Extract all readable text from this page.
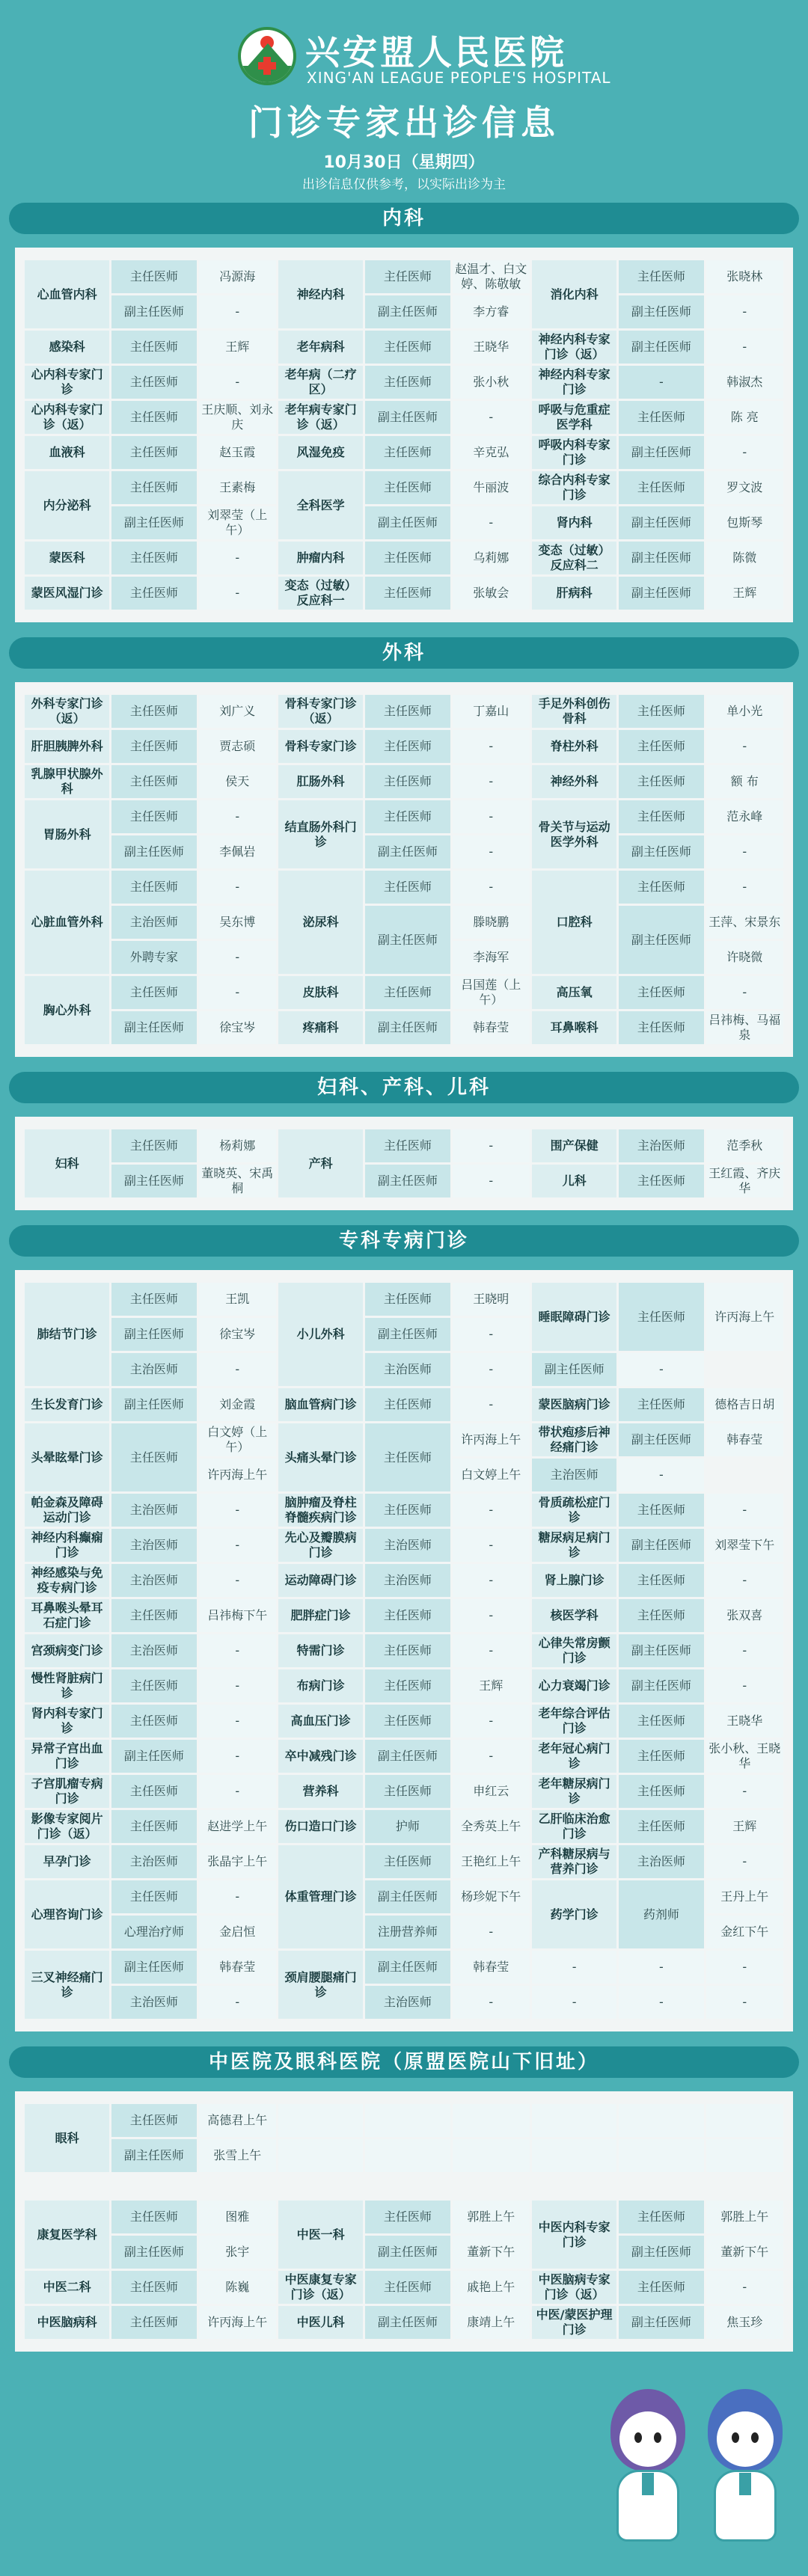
兴安盟人民医院
XING'AN LEAGUE PEOPLE'S HOSPITAL
门诊专家出诊信息
10月30日（星期四）
出诊信息仅供参考，以实际出诊为主
内科
心血管内科	主任医师	冯源海	神经内科	主任医师	赵温才、白文婷、陈敬敏	消化内科	主任医师	张晓林
	副主任医师	-		副主任医师	李方睿		副主任医师	-
感染科	主任医师	王辉	老年病科	主任医师	王晓华	神经内科专家门诊（返）	副主任医师	-
心内科专家门诊	主任医师	-	老年病（二疗区）	主任医师	张小秋	神经内科专家门诊	-	韩淑杰
心内科专家门诊（返）	主任医师	王庆顺、刘永庆	老年病专家门诊（返）	副主任医师	-	呼吸与危重症医学科	主任医师	陈 亮
血液科	主任医师	赵玉霞	风湿免疫	主任医师	辛克弘	呼吸内科专家门诊	副主任医师	-
内分泌科	主任医师	王素梅	全科医学	主任医师	牛丽波	综合内科专家门诊	主任医师	罗文波
	副主任医师	刘翠莹（上午）		副主任医师	-	肾内科	副主任医师	包斯琴
蒙医科	主任医师	-	肿瘤内科	主任医师	乌莉娜	变态（过敏）反应科二	副主任医师	陈微
蒙医风湿门诊	主任医师	-	变态（过敏）反应科一	主任医师	张敏会	肝病科	副主任医师	王辉
外科
外科专家门诊（返）	主任医师	刘广义	骨科专家门诊（返）	主任医师	丁嘉山	手足外科创伤骨科	主任医师	单小光
肝胆胰脾外科	主任医师	贾志硕	骨科专家门诊	主任医师	-	脊柱外科	主任医师	-
乳腺甲状腺外科	主任医师	侯天	肛肠外科	主任医师	-	神经外科	主任医师	额 布
胃肠外科	主任医师	-	结直肠外科门诊	主任医师	-	骨关节与运动医学外科	主任医师	范永峰
	副主任医师	李佩岩		副主任医师	-		副主任医师	-
心脏血管外科	主任医师	-	泌尿科	主任医师	-	口腔科	主任医师	-
	主治医师	吴东博		副主任医师	滕晓鹏		副主任医师	王萍、宋景东
	外聘专家	-			李海军			许晓微
胸心外科	主任医师	-	皮肤科	主任医师	吕国莲（上午）	高压氧	主任医师	-
	副主任医师	徐宝岑	疼痛科	副主任医师	韩春莹	耳鼻喉科	主任医师	吕祎梅、马福泉
妇科、产科、儿科
妇科	主任医师	杨莉娜	产科	主任医师	-	围产保健	主治医师	范季秋
	副主任医师	董晓英、宋禹桐		副主任医师	-	儿科	主任医师	王红霞、齐庆华
专科专病门诊
肺结节门诊	主任医师	王凯	小儿外科	主任医师	王晓明	睡眠障碍门诊	主任医师	许丙海上午
	副主任医师	徐宝岑		副主任医师	-			
	主治医师	-		主治医师	-	副主任医师	-	
生长发育门诊	副主任医师	刘金霞	脑血管病门诊	主任医师	-	蒙医脑病门诊	主任医师	德格吉日胡
头晕眩晕门诊	主任医师	白文婷（上午）	头痛头晕门诊	主任医师	许丙海上午	带状疱疹后神经痛门诊	副主任医师	韩春莹
		许丙海上午			白文婷上午	主治医师	-	
帕金森及障碍运动门诊	主治医师	-	脑肿瘤及脊柱脊髓疾病门诊	主任医师	-	骨质疏松症门诊	主任医师	-
神经内科癫痫门诊	主治医师	-	先心及瓣膜病门诊	主治医师	-	糖尿病足病门诊	副主任医师	刘翠莹下午
神经感染与免疫专病门诊	主治医师	-	运动障碍门诊	主治医师	-	肾上腺门诊	主任医师	-
耳鼻喉头晕耳石症门诊	主任医师	吕祎梅下午	肥胖症门诊	主任医师	-	核医学科	主任医师	张双喜
宫颈病变门诊	主治医师	-	特需门诊	主任医师	-	心律失常房颤门诊	副主任医师	-
慢性肾脏病门诊	主任医师	-	布病门诊	主任医师	王辉	心力衰竭门诊	副主任医师	-
肾内科专家门诊	主任医师	-	高血压门诊	主任医师	-	老年综合评估门诊	主任医师	王晓华
异常子宫出血门诊	副主任医师	-	卒中减残门诊	副主任医师	-	老年冠心病门诊	主任医师	张小秋、王晓华
子宫肌瘤专病门诊	主任医师	-	营养科	主任医师	申红云	老年糖尿病门诊	主任医师	-
影像专家阅片门诊（返）	主任医师	赵进学上午	伤口造口门诊	护师	全秀英上午	乙肝临床治愈门诊	主任医师	王辉
早孕门诊	主治医师	张晶宇上午	体重管理门诊	主任医师	王艳红上午	产科糖尿病与营养门诊	主治医师	-
心理咨询门诊	主任医师	-		副主任医师	杨珍妮下午	药学门诊	药剂师	王丹上午
	心理治疗师	金启恒		注册营养师	-			金红下午
三叉神经痛门诊	副主任医师	韩春莹	颈肩腰腿痛门诊	副主任医师	韩春莹	-	-	-
	主治医师	-		主治医师	-	-	-	-
中医院及眼科医院（原盟医院山下旧址）
眼科	主任医师	高德君上午						
	副主任医师	张雪上午						

康复医学科	主任医师	图雅	中医一科	主任医师	郭胜上午	中医内科专家门诊	主任医师	郭胜上午
	副主任医师	张宇		副主任医师	董新下午		副主任医师	董新下午
中医二科	主任医师	陈巍	中医康复专家门诊（返）	主任医师	戚艳上午	中医脑病专家门诊（返）	主任医师	-
中医脑病科	主任医师	许丙海上午	中医儿科	副主任医师	康靖上午	中医/蒙医护理门诊	副主任医师	焦玉珍
